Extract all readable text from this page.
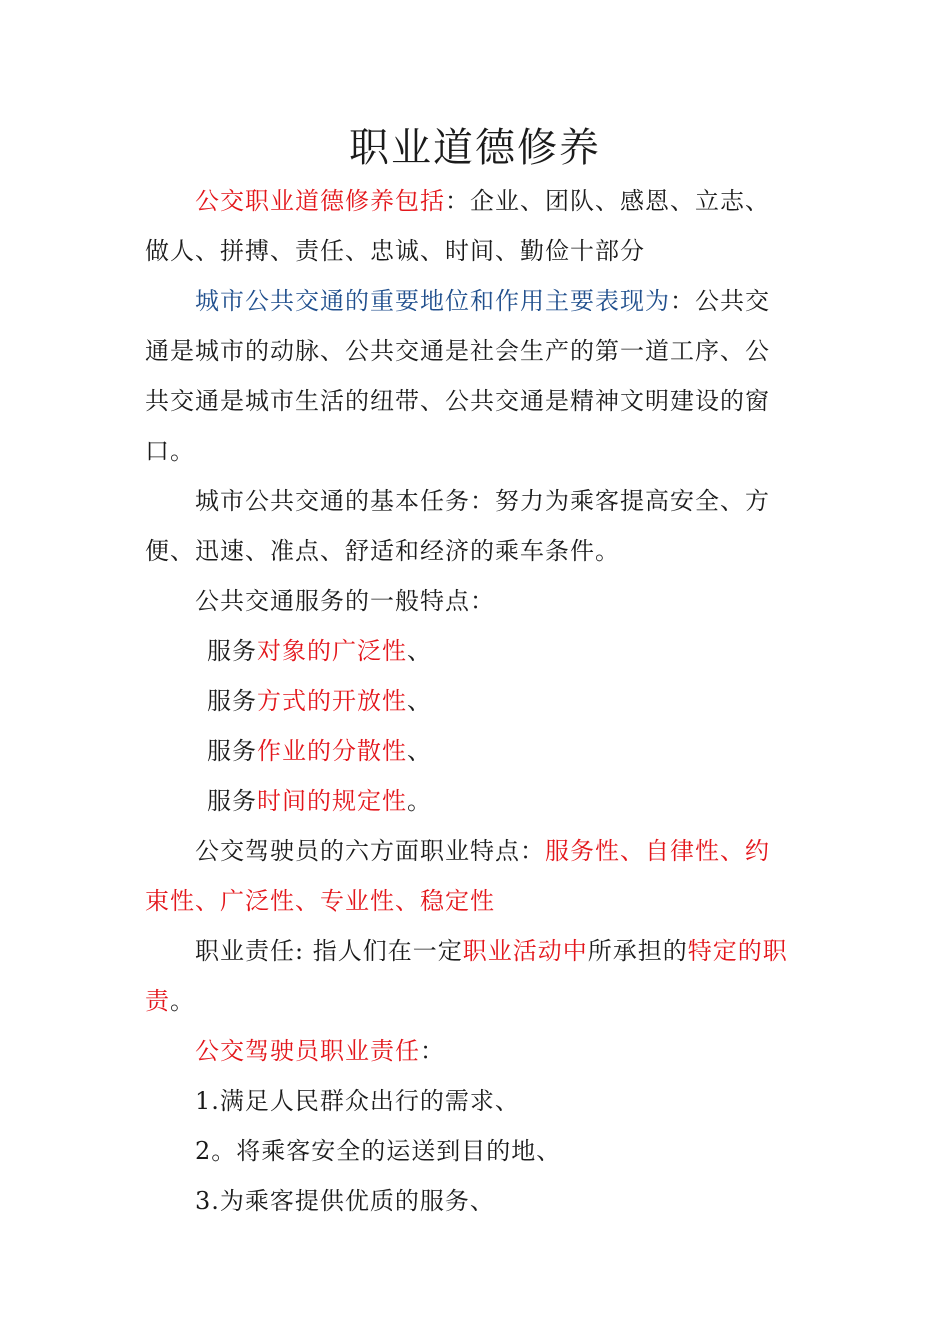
职业道德修养
公交职业道德修养包括：企业、团队、感恩、立志、
做人、拼搏、责任、忠诚、时间、勤俭十部分
城市公共交通的重要地位和作用主要表现为：公共交
通是城市的动脉、公共交通是社会生产的第一道工序、公
共交通是城市生活的纽带、公共交通是精神文明建设的窗
口。
城市公共交通的基本任务：努力为乘客提高安全、方
便、迅速、准点、舒适和经济的乘车条件。
公共交通服务的一般特点：
服务对象的广泛性、
服务方式的开放性、
服务作业的分散性、
服务时间的规定性。
公交驾驶员的六方面职业特点：服务性、自律性、约
束性、广泛性、专业性、稳定性
职业责任: 指人们在一定职业活动中所承担的特定的职
责。
公交驾驶员职业责任：
1.满足人民群众出行的需求、
2。将乘客安全的运送到目的地、
3.为乘客提供优质的服务、
